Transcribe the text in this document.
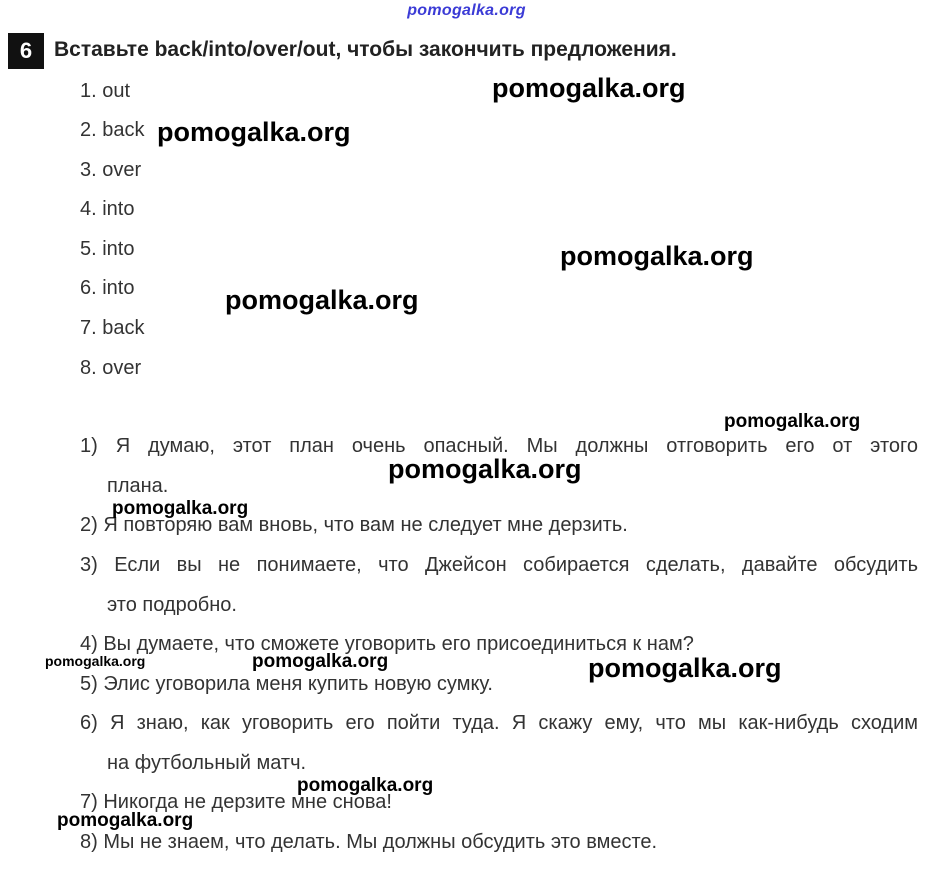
pomogalka.org
6	Вставьте back/into/over/out, чтобы закончить предложения.
1. out
2. back
3. over
4. into
5. into
6. into
7. back
8. over
1) Я думаю, этот план очень опасный. Мы должны отговорить его от этого
плана.
2) Я повторяю вам вновь, что вам не следует мне дерзить.
3) Если вы не понимаете, что Джейсон собирается сделать, давайте обсудить
это подробно.
4) Вы думаете, что сможете уговорить его присоединиться к нам?
5) Элис уговорила меня купить новую сумку.
6) Я знаю, как уговорить его пойти туда. Я скажу ему, что мы как-нибудь сходим
на футбольный матч.
7) Никогда не дерзите мне снова!
8) Мы не знаем, что делать. Мы должны обсудить это вместе.
pomogalka.org
pomogalka.org
pomogalka.org
pomogalka.org
pomogalka.org
pomogalka.org
pomogalka.org
pomogalka.org	pomogalka.org	pomogalka.org
pomogalka.org
pomogalka.org
